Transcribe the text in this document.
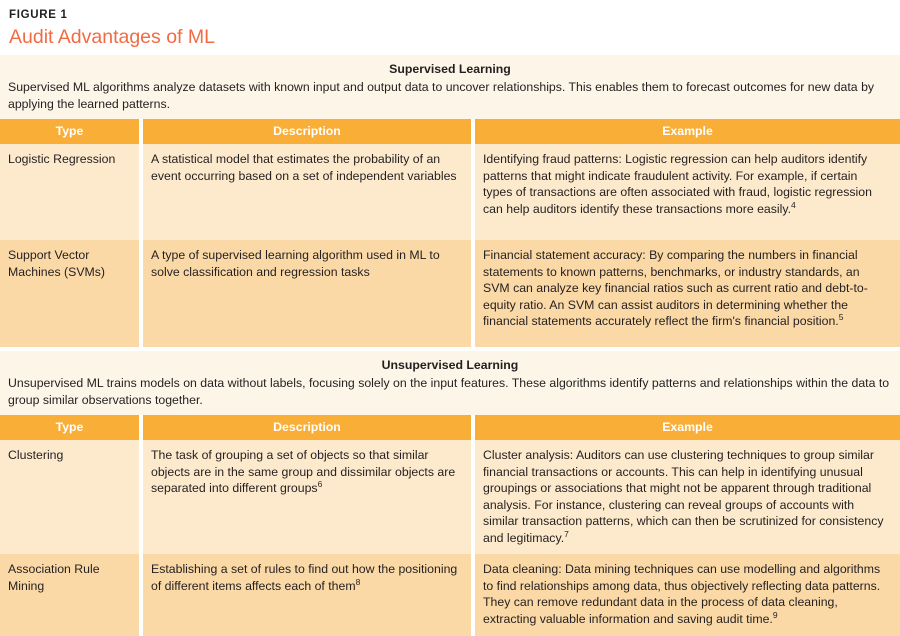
FIGURE 1
Audit Advantages of ML
Supervised Learning
Supervised ML algorithms analyze datasets with known input and output data to uncover relationships. This enables them to forecast outcomes for new data by applying the learned patterns.
Type		Description		Example
Logistic Regression		A statistical model that estimates the probability of an event occurring based on a set of independent variables		Identifying fraud patterns: Logistic regression can help auditors identify patterns that might indicate fraudulent activity. For example, if certain types of transactions are often associated with fraud, logistic regression can help auditors identify these transactions more easily.$^4$
Support Vector Machines (SVMs)		A type of supervised learning algorithm used in ML to solve classification and regression tasks		Financial statement accuracy: By comparing the numbers in financial statements to known patterns, benchmarks, or industry standards, an SVM can analyze key financial ratios such as current ratio and debt-to-equity ratio. An SVM can assist auditors in determining whether the financial statements accurately reflect the firm's financial position.$^5$
Unsupervised Learning
Unsupervised ML trains models on data without labels, focusing solely on the input features. These algorithms identify patterns and relationships within the data to group similar observations together.
Type		Description		Example
Clustering		The task of grouping a set of objects so that similar objects are in the same group and dissimilar objects are separated into different groups$^6$		Cluster analysis: Auditors can use clustering techniques to group similar financial transactions or accounts. This can help in identifying unusual groupings or associations that might not be apparent through traditional analysis. For instance, clustering can reveal groups of accounts with similar transaction patterns, which can then be scrutinized for consistency and legitimacy.$^7$
Association Rule Mining		Establishing a set of rules to find out how the positioning of different items affects each of them$^8$		Data cleaning: Data mining techniques can use modelling and algorithms to find relationships among data, thus objectively reflecting data patterns. They can remove redundant data in the process of data cleaning, extracting valuable information and saving audit time.$^9$
